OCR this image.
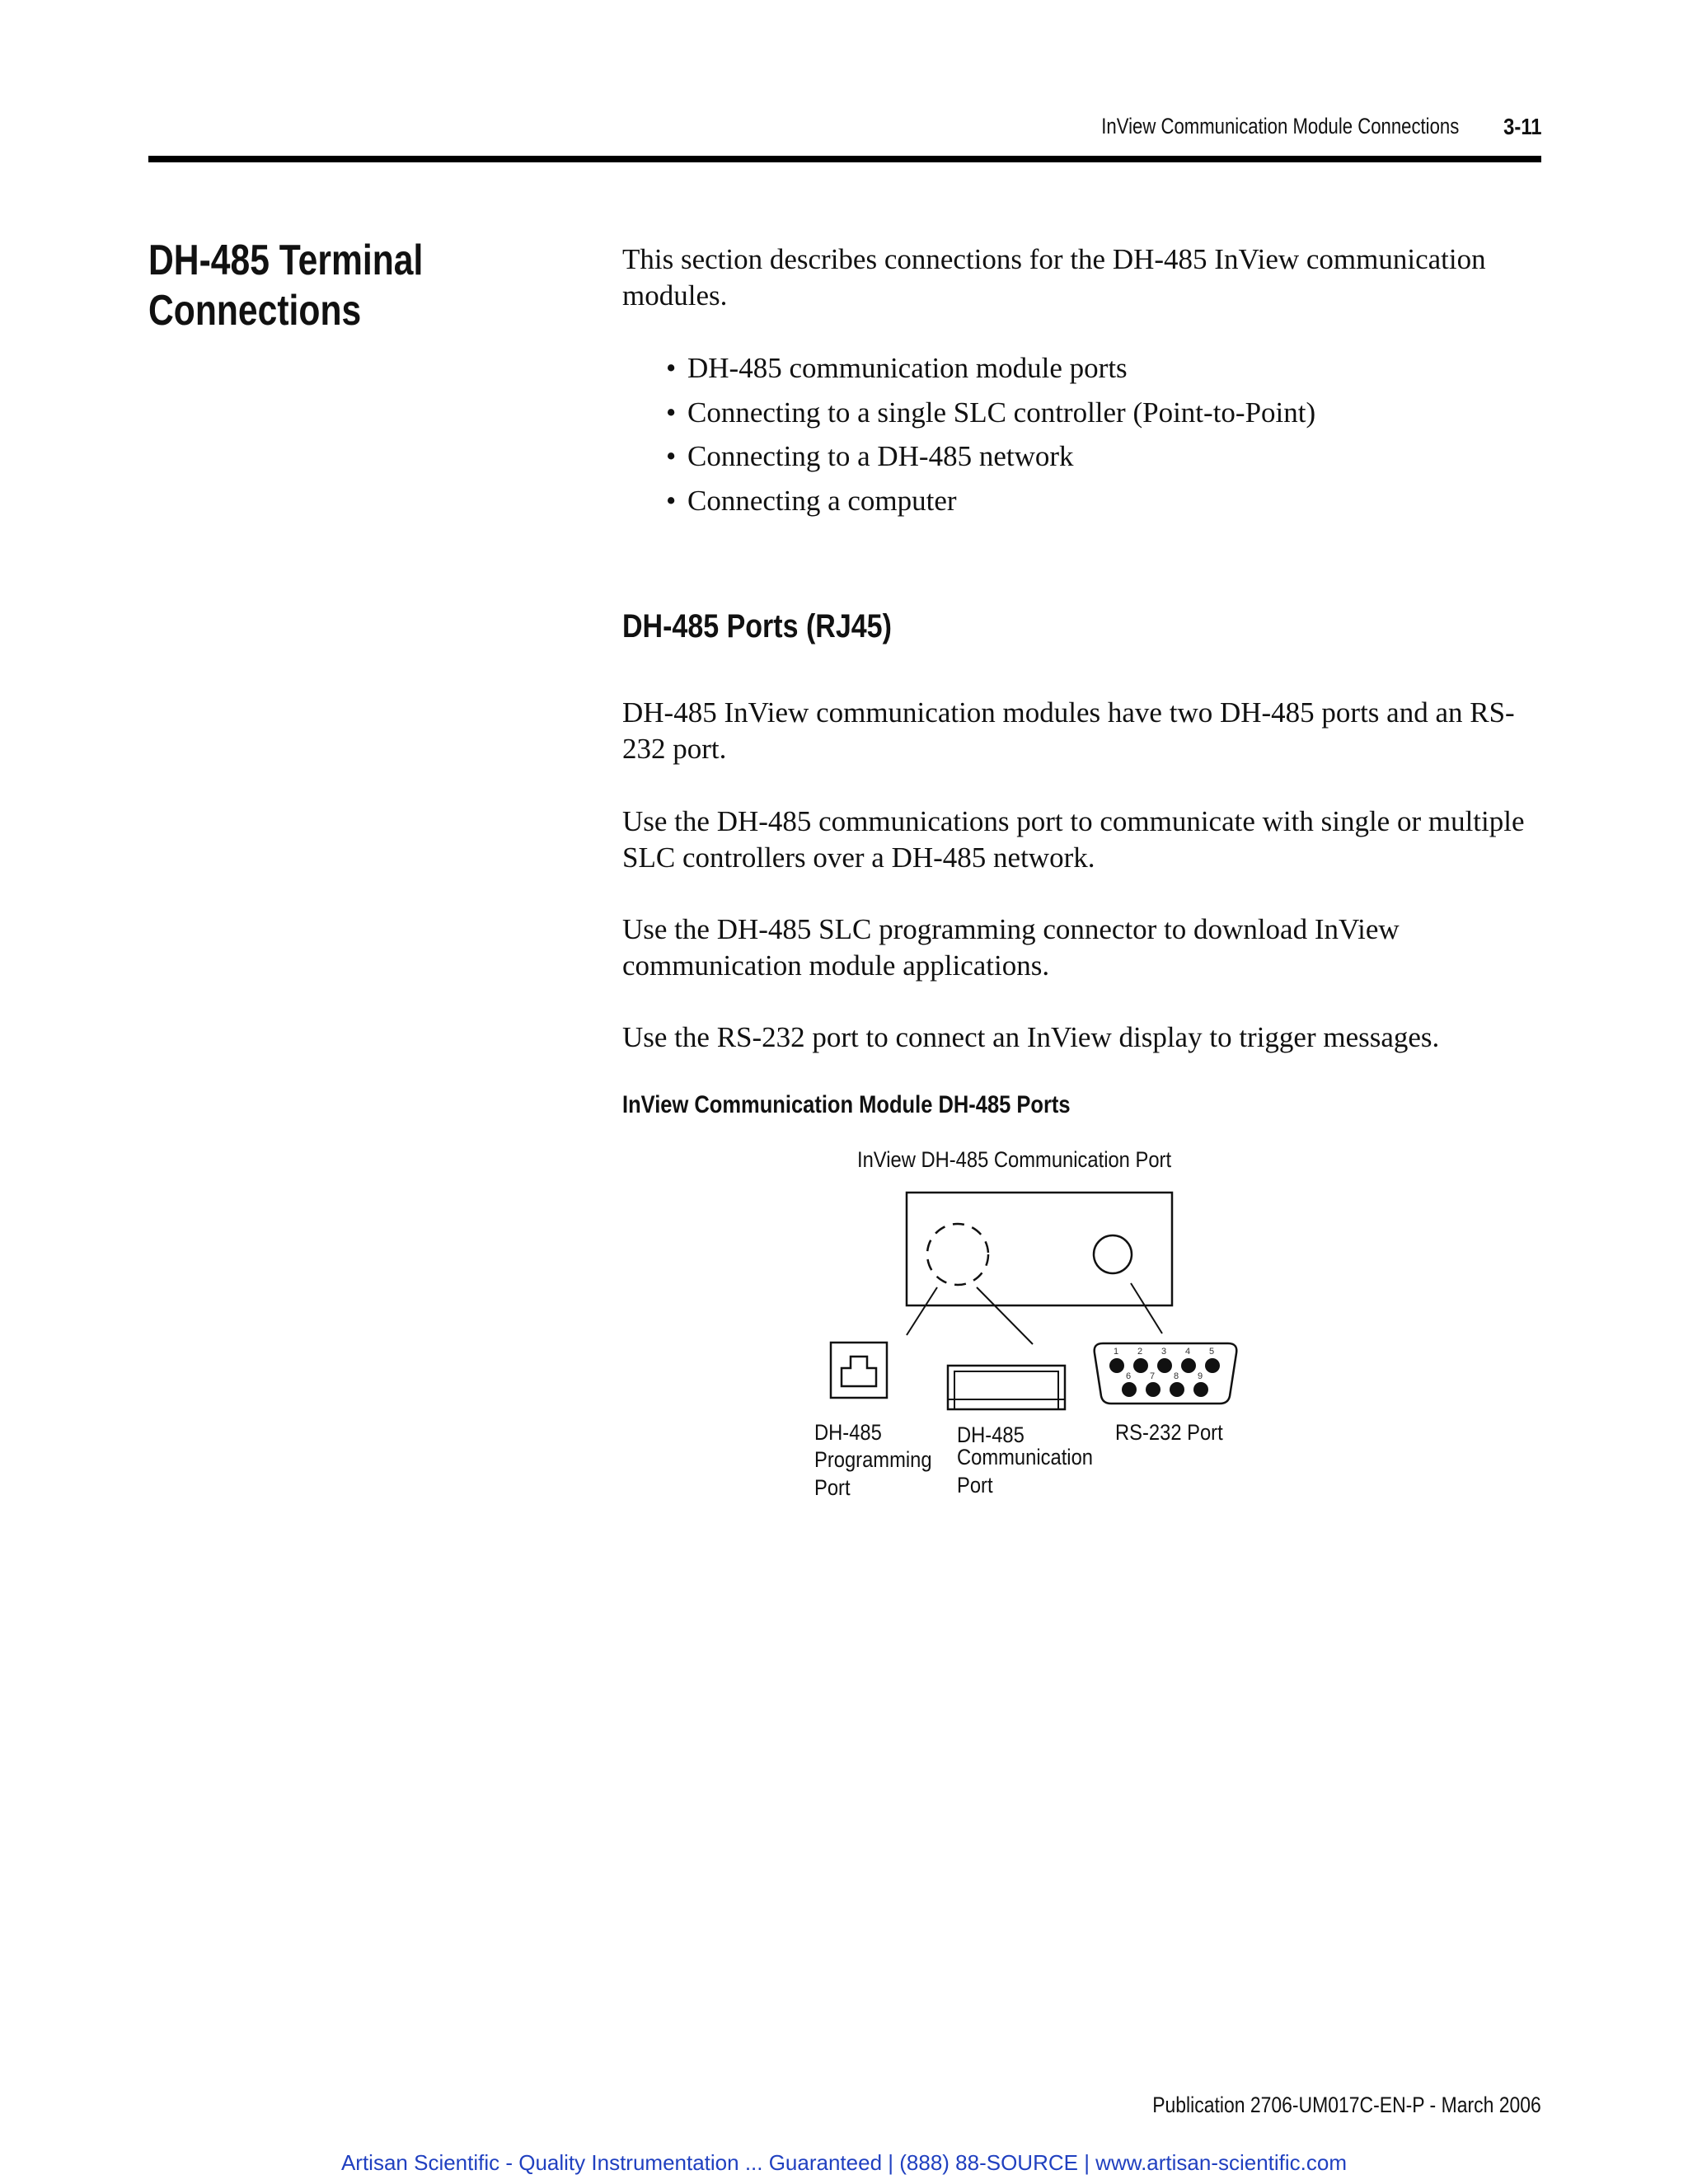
InView Communication Module Connections 3-11
DH-485 Terminal Connections

This section describes connections for the DH-485 InView communication modules.

• DH-485 communication module ports
• Connecting to a single SLC controller (Point-to-Point)
• Connecting to a DH-485 network
• Connecting a computer
DH-485 Ports (RJ45)

DH-485 InView communication modules have two DH-485 ports and an RS-232 port.

Use the DH-485 communications port to communicate with single or multiple SLC controllers over a DH-485 network.

Use the DH-485 SLC programming connector to download InView communication module applications.

Use the RS-232 port to connect an InView display to trigger messages.

InView Communication Module DH-485 Ports
InView DH-485 Communication Port
1 2 3 4 5
6 7 8 9
DH-485
Programming
Port
DH-485
Communication
Port
RS-232 Port
Publication 2706-UM017C-EN-P - March 2006
Artisan Scientific - Quality Instrumentation ... Guaranteed | (888) 88-SOURCE | www.artisan-scientific.com
